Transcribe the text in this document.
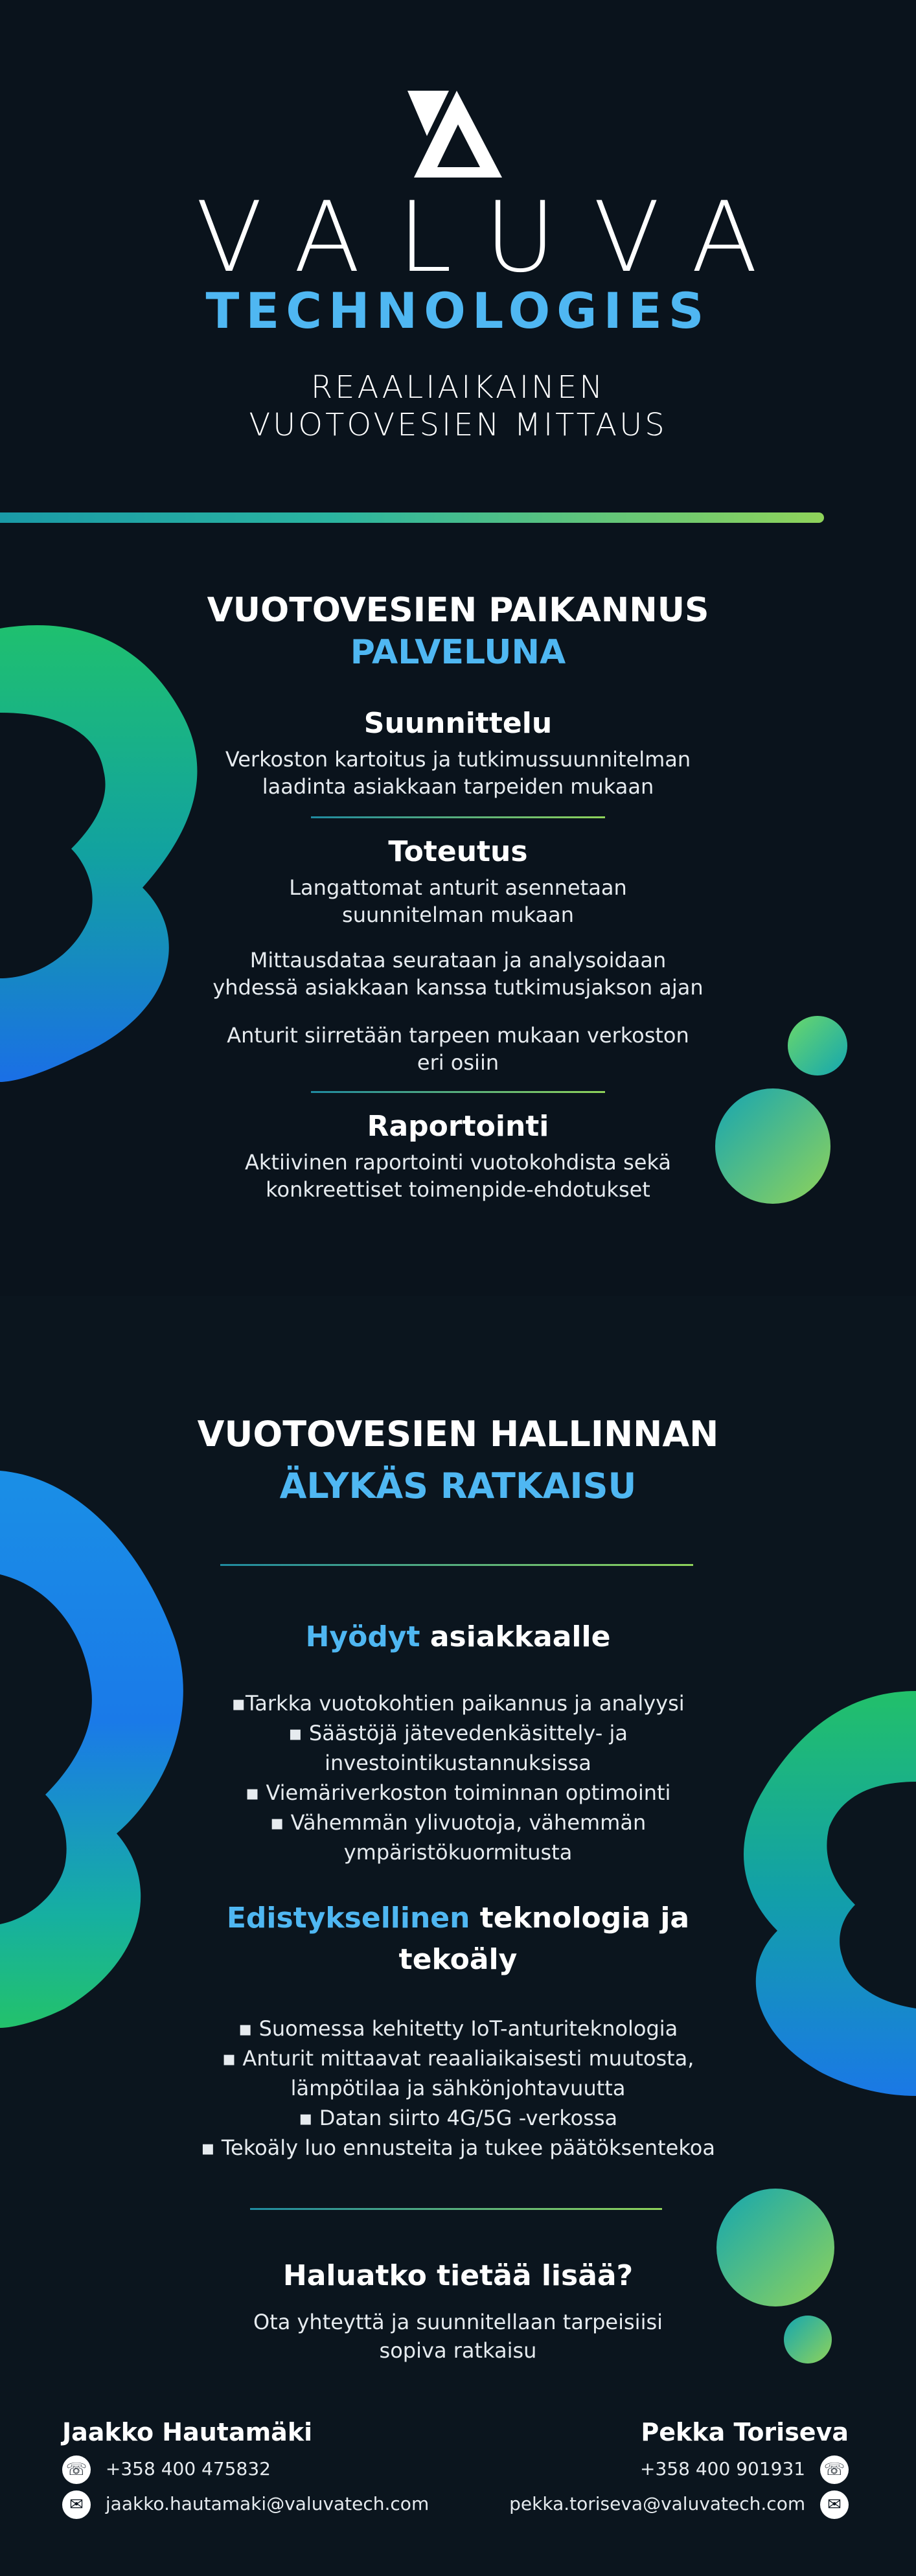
VALUVA
TECHNOLOGIES
REAALIAIKAINEN
VUOTOVESIEN MITTAUS
VUOTOVESIEN PAIKANNUS
PALVELUNA
Suunnittelu
Verkoston kartoitus ja tutkimussuunnitelman
laadinta asiakkaan tarpeiden mukaan
Toteutus
Langattomat anturit asennetaan
suunnitelman mukaan
Mittausdataa seurataan ja analysoidaan
yhdessä asiakkaan kanssa tutkimusjakson ajan
Anturit siirretään tarpeen mukaan verkoston
eri osiin
Raportointi
Aktiivinen raportointi vuotokohdista sekä
konkreettiset toimenpide-ehdotukset
VUOTOVESIEN HALLINNAN
ÄLYKÄS RATKAISU
Hyödyt asiakkaalle
▪Tarkka vuotokohtien paikannus ja analyysi
▪ Säästöjä jätevedenkäsittely- ja
investointikustannuksissa
▪ Viemäriverkoston toiminnan optimointi
▪ Vähemmän ylivuotoja, vähemmän
ympäristökuormitusta
Edistyksellinen teknologia ja
tekoäly
▪ Suomessa kehitetty IoT-anturiteknologia
▪ Anturit mittaavat reaaliaikaisesti muutosta,
lämpötilaa ja sähkönjohtavuutta
▪ Datan siirto 4G/5G -verkossa
▪ Tekoäly luo ennusteita ja tukee päätöksentekoa
Haluatko tietää lisää?
Ota yhteyttä ja suunnitellaan tarpeisiisi
sopiva ratkaisu
Jaakko Hautamäki
☏ +358 400 475832
✉ jaakko.hautamaki@valuvatech.com
Pekka Toriseva
+358 400 901931 ☏
pekka.toriseva@valuvatech.com ✉
